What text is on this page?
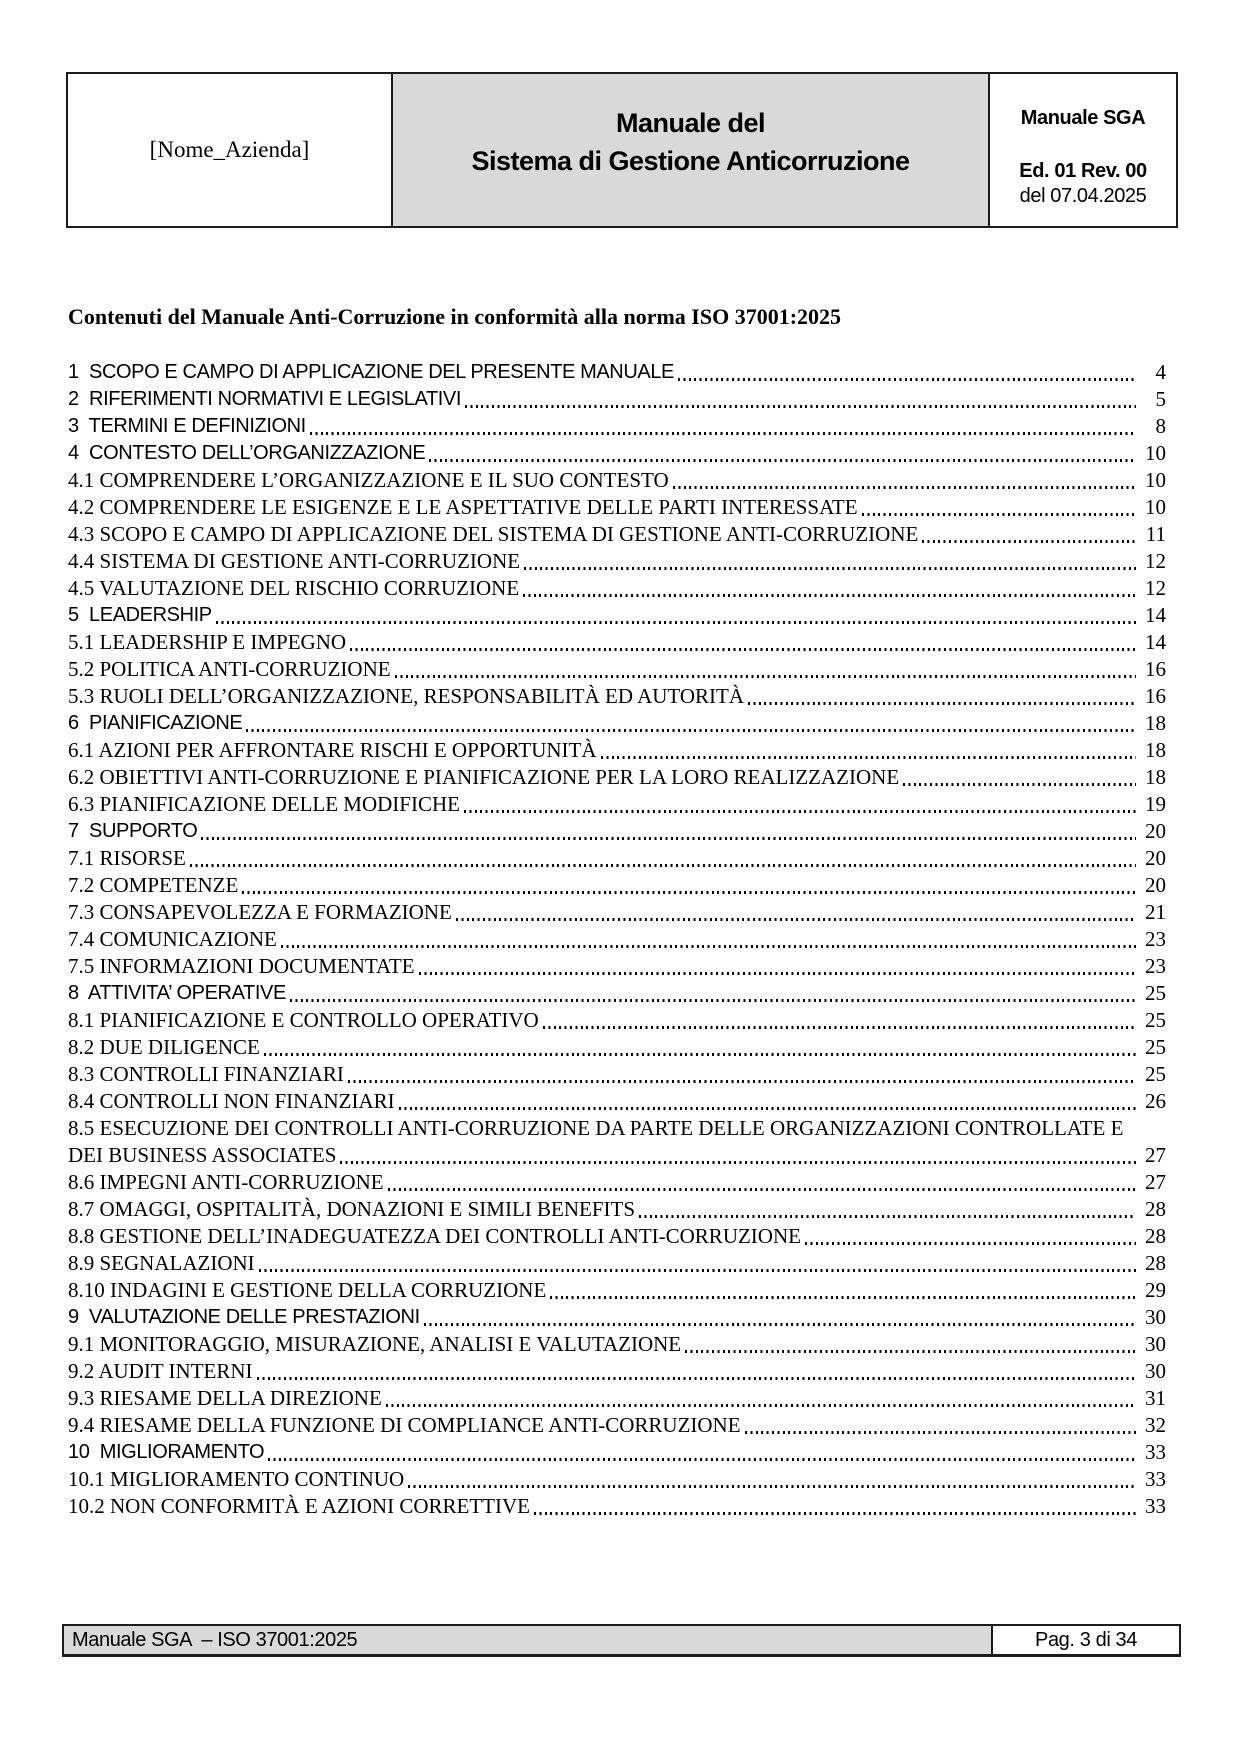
[Nome_Azienda]
Manuale del
Sistema di Gestione Anticorruzione
Manuale SGA
Ed. 01 Rev. 00
del 07.04.2025
Contenuti del Manuale Anti-Corruzione in conformità alla norma ISO 37001:2025
1  SCOPO E CAMPO DI APPLICAZIONE DEL PRESENTE MANUALE	4
2  RIFERIMENTI NORMATIVI E LEGISLATIVI	5
3  TERMINI E DEFINIZIONI	8
4  CONTESTO DELL’ORGANIZZAZIONE	10
4.1 COMPRENDERE L’ORGANIZZAZIONE E IL SUO CONTESTO	10
4.2 COMPRENDERE LE ESIGENZE E LE ASPETTATIVE DELLE PARTI INTERESSATE	10
4.3 SCOPO E CAMPO DI APPLICAZIONE DEL SISTEMA DI GESTIONE ANTI-CORRUZIONE	11
4.4 SISTEMA DI GESTIONE ANTI-CORRUZIONE	12
4.5 VALUTAZIONE DEL RISCHIO CORRUZIONE	12
5  LEADERSHIP	14
5.1 LEADERSHIP E IMPEGNO	14
5.2 POLITICA ANTI-CORRUZIONE	16
5.3 RUOLI DELL’ORGANIZZAZIONE, RESPONSABILITÀ ED AUTORITÀ	16
6  PIANIFICAZIONE	18
6.1 AZIONI PER AFFRONTARE RISCHI E OPPORTUNITÀ	18
6.2 OBIETTIVI ANTI-CORRUZIONE E PIANIFICAZIONE PER LA LORO REALIZZAZIONE	18
6.3 PIANIFICAZIONE DELLE MODIFICHE	19
7  SUPPORTO	20
7.1 RISORSE	20
7.2 COMPETENZE	20
7.3 CONSAPEVOLEZZA E FORMAZIONE	21
7.4 COMUNICAZIONE	23
7.5 INFORMAZIONI DOCUMENTATE	23
8  ATTIVITA’ OPERATIVE	25
8.1 PIANIFICAZIONE E CONTROLLO OPERATIVO	25
8.2 DUE DILIGENCE	25
8.3 CONTROLLI FINANZIARI	25
8.4 CONTROLLI NON FINANZIARI	26
8.5 ESECUZIONE DEI CONTROLLI ANTI-CORRUZIONE DA PARTE DELLE ORGANIZZAZIONI CONTROLLATE E
DEI BUSINESS ASSOCIATES	27
8.6 IMPEGNI ANTI-CORRUZIONE	27
8.7 OMAGGI, OSPITALITÀ, DONAZIONI E SIMILI BENEFITS	28
8.8 GESTIONE DELL’INADEGUATEZZA DEI CONTROLLI ANTI-CORRUZIONE	28
8.9 SEGNALAZIONI	28
8.10 INDAGINI E GESTIONE DELLA CORRUZIONE	29
9  VALUTAZIONE DELLE PRESTAZIONI	30
9.1 MONITORAGGIO, MISURAZIONE, ANALISI E VALUTAZIONE	30
9.2 AUDIT INTERNI	30
9.3 RIESAME DELLA DIREZIONE	31
9.4 RIESAME DELLA FUNZIONE DI COMPLIANCE ANTI-CORRUZIONE	32
10  MIGLIORAMENTO	33
10.1 MIGLIORAMENTO CONTINUO	33
10.2 NON CONFORMITÀ E AZIONI CORRETTIVE	33
Manuale SGA  – ISO 37001:2025	Pag. 3 di 34
